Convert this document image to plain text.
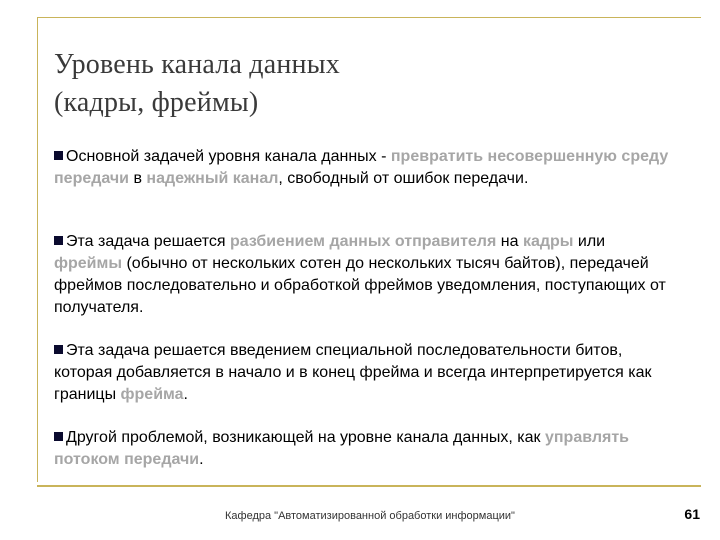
Уровень канала данных
(кадры, фреймы)
Основной задачей уровня канала данных - превратить несовершенную среду передачи в надежный канал, свободный от ошибок передачи.
Эта задача решается разбиением данных отправителя на кадры или фреймы (обычно от нескольких сотен до нескольких тысяч байтов), передачей фреймов последовательно и обработкой фреймов уведомления, поступающих от получателя.
Эта задача решается введением специальной последовательности битов, которая добавляется в начало и в конец фрейма и всегда интерпретируется как границы фрейма.
Другой проблемой, возникающей на уровне канала данных, как управлять потоком передачи.
Кафедра "Автоматизированной обработки информации"	61
